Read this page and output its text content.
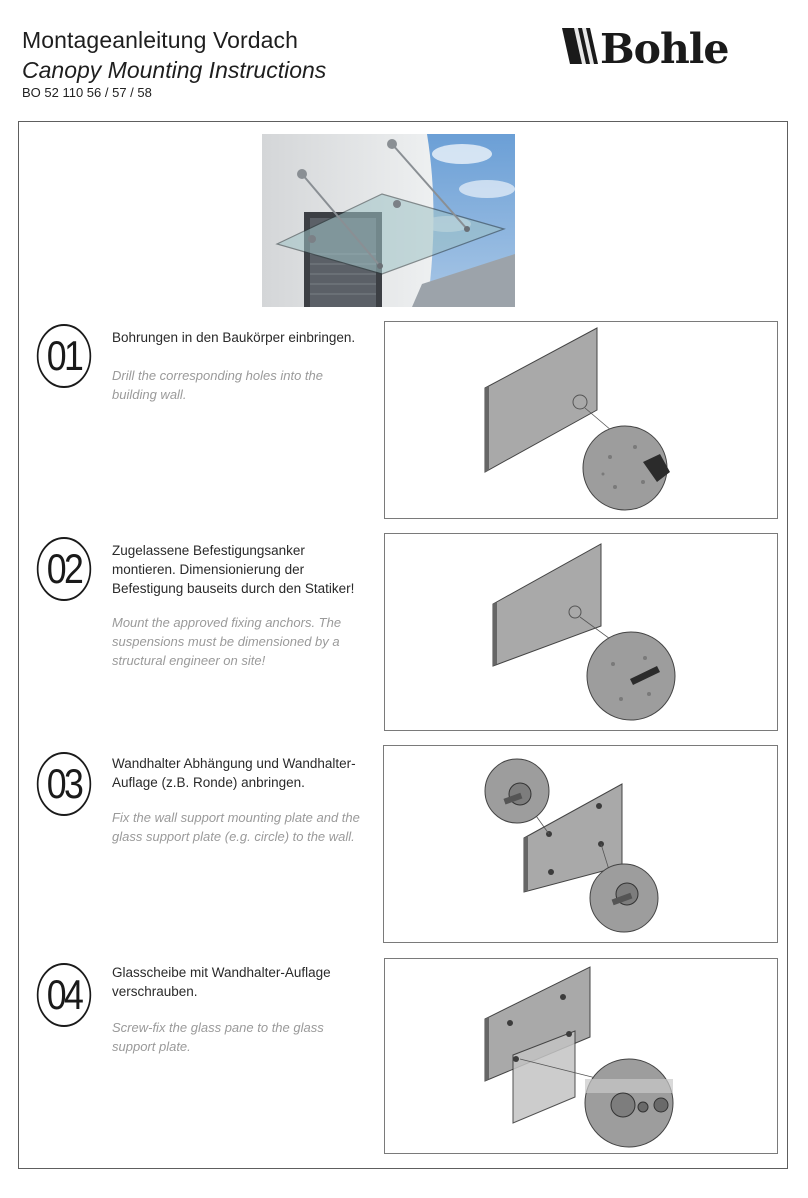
Montageanleitung Vordach
Canopy Mounting Instructions
BO 52 110 56 / 57 / 58
Bohle
01	Bohrungen in den Baukörper einbringen.
Drill the corresponding holes into the building wall.
02	Zugelassene Befestigungsanker montieren. Dimensionierung der Befestigung bauseits durch den Statiker!
Mount the approved fixing anchors. The suspensions must be dimensioned by a structural engineer on site!
03	Wandhalter Abhängung und Wandhalter-Auflage (z.B. Ronde) anbringen.
Fix the wall support mounting plate and the glass support plate (e.g. circle) to the wall.
04	Glasscheibe mit Wandhalter-Auflage verschrauben.
Screw-fix the glass pane to the glass support plate.
